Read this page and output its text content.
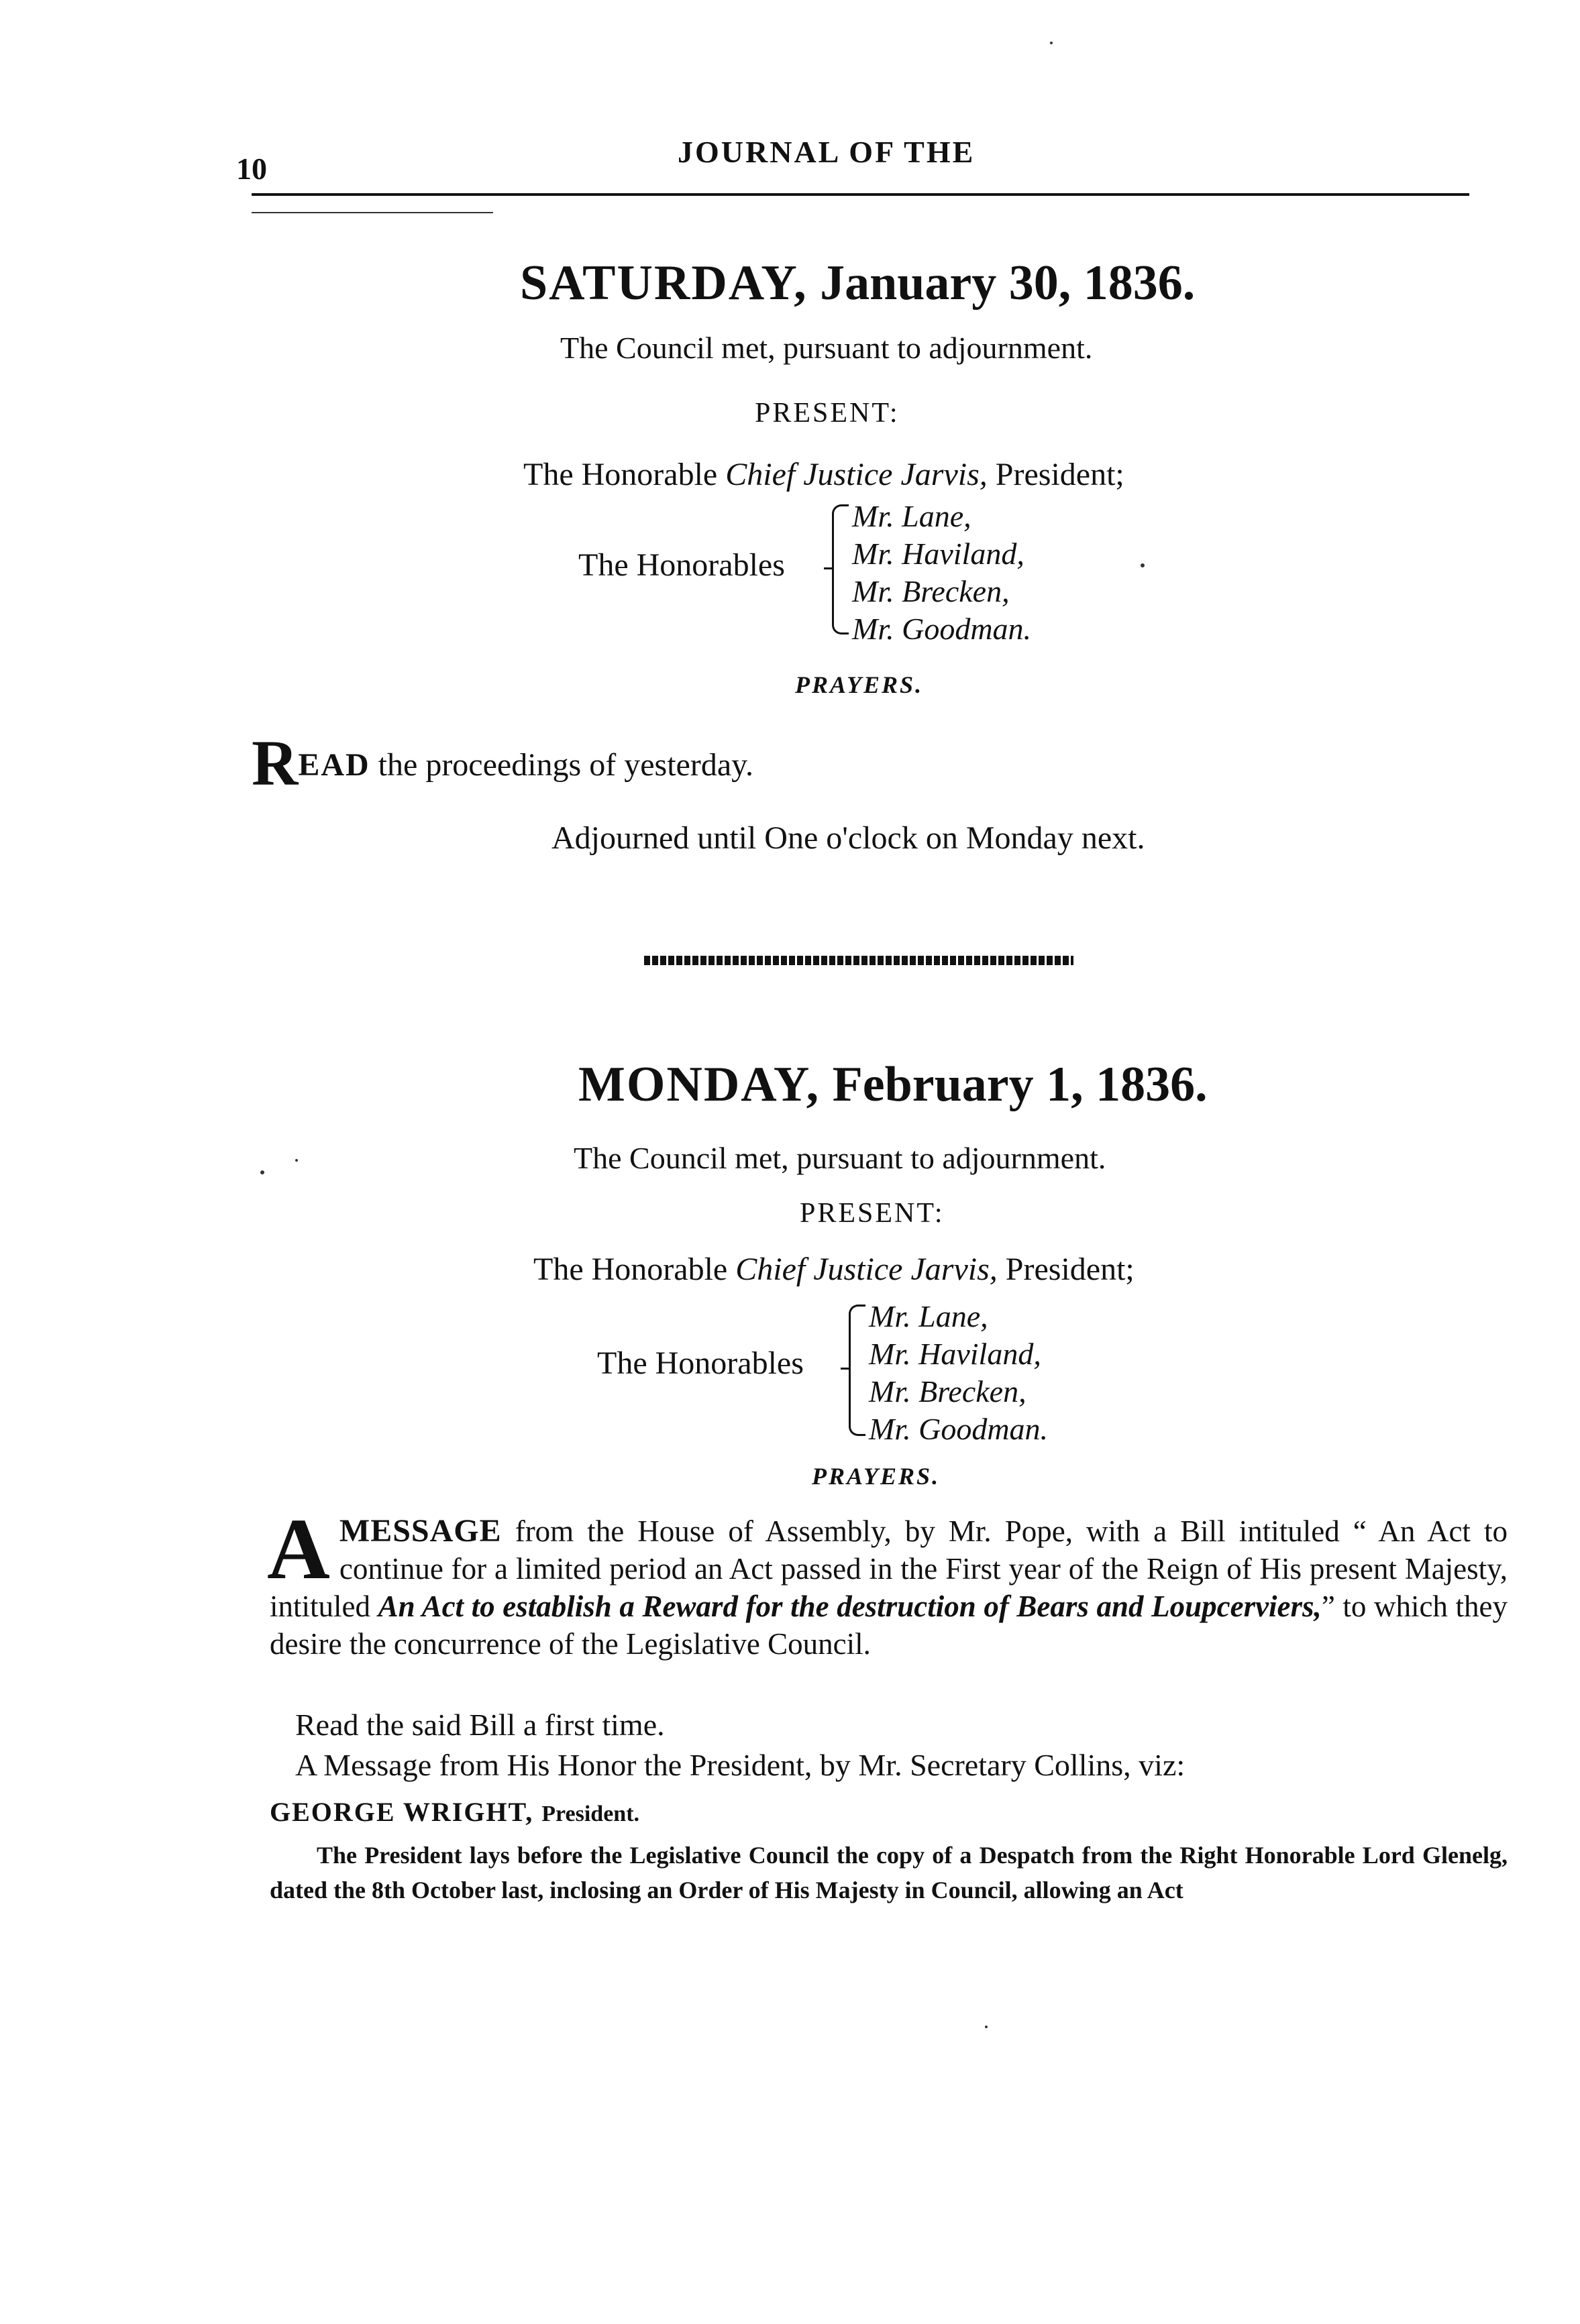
10	JOURNAL OF THE
SATURDAY, January 30, 1836.
The Council met, pursuant to adjournment.
PRESENT:
The Honorable Chief Justice Jarvis, President;
The Honorables
Mr. Lane,
Mr. Haviland,
Mr. Brecken,
Mr. Goodman.
PRAYERS.
READ the proceedings of yesterday.
Adjourned until One o'clock on Monday next.
MONDAY, February 1, 1836.
The Council met, pursuant to adjournment.
PRESENT:
The Honorable Chief Justice Jarvis, President;
The Honorables
Mr. Lane,
Mr. Haviland,
Mr. Brecken,
Mr. Goodman.
PRAYERS.
A MESSAGE from the House of Assembly, by Mr. Pope, with a Bill intituled “ An Act to continue for a limited period an Act passed in the First year of the Reign of His present Majesty, intituled An Act to establish a Reward for the destruction of Bears and Loupcerviers,” to which they desire the concurrence of the Legislative Council.
Read the said Bill a first time.
A Message from His Honor the President, by Mr. Secretary Collins, viz:
GEORGE WRIGHT, President.
The President lays before the Legislative Council the copy of a Despatch from the Right Honorable Lord Glenelg, dated the 8th October last, inclosing an Order of His Majesty in Council, allowing an Act
